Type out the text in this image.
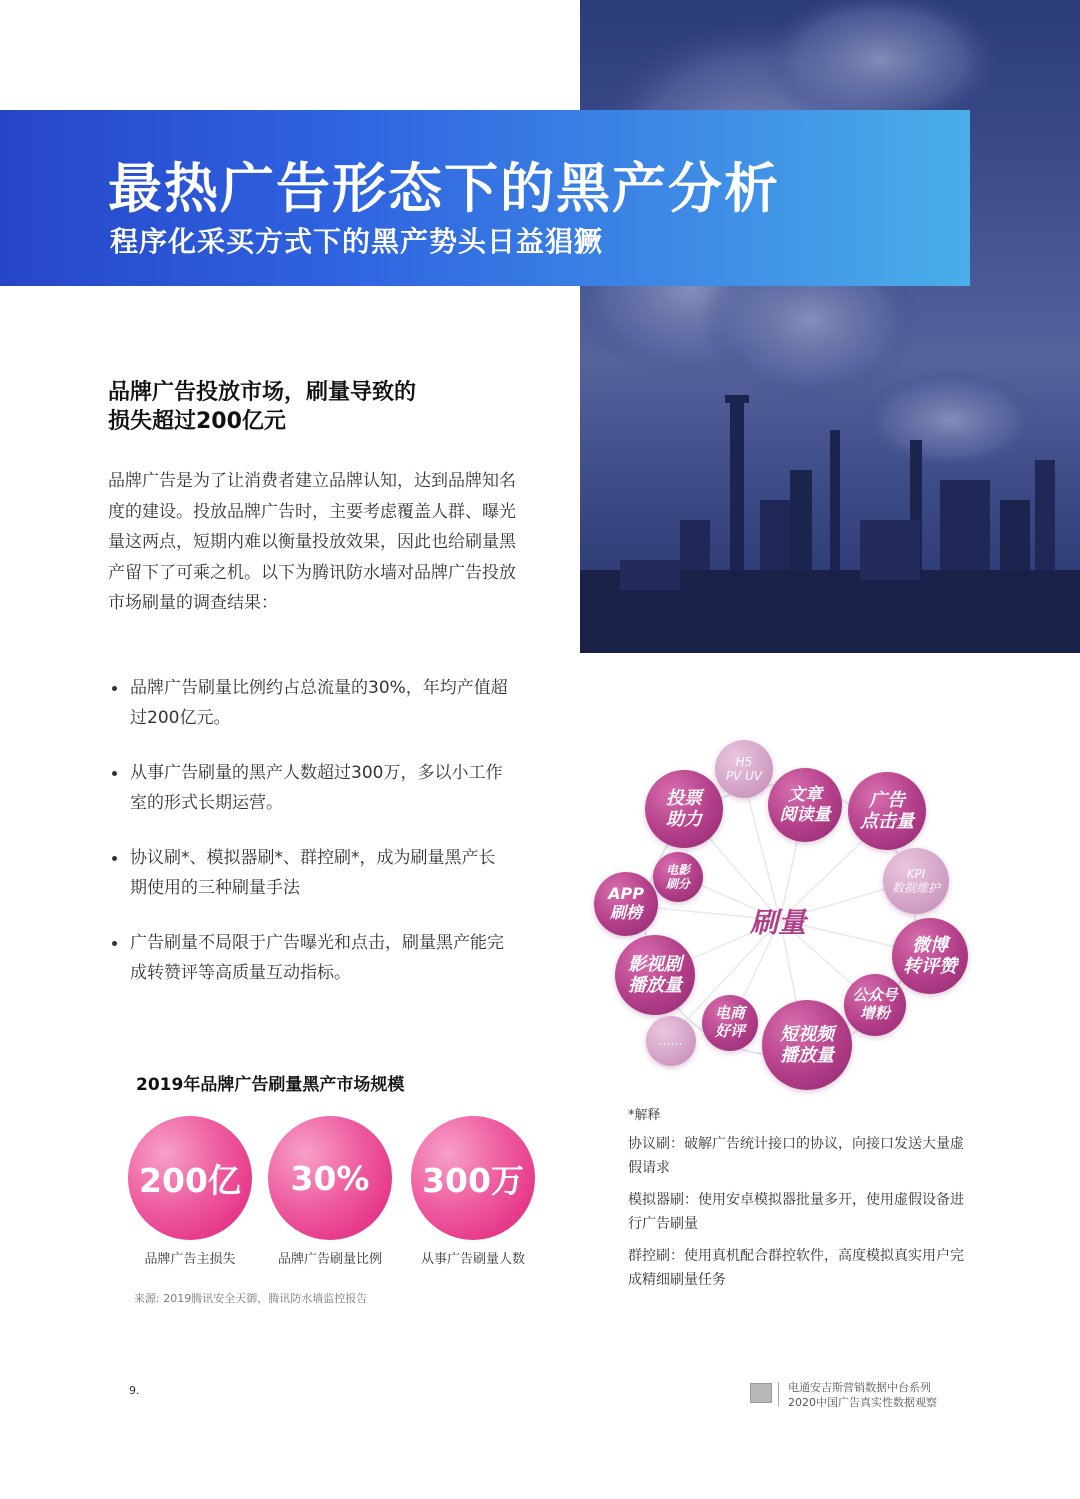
最热广告形态下的黑产分析
程序化采买方式下的黑产势头日益猖獗
品牌广告投放市场，刷量导致的
损失超过200亿元

品牌广告是为了让消费者建立品牌认知，达到品牌知名度的建设。投放品牌广告时，主要考虑覆盖人群、曝光量这两点，短期内难以衡量投放效果，因此也给刷量黑产留下了可乘之机。以下为腾讯防水墙对品牌广告投放市场刷量的调查结果：

品牌广告刷量比例约占总流量的30%，年均产值超过200亿元。
从事广告刷量的黑产人数超过300万，多以小工作室的形式长期运营。
协议刷*、模拟器刷*、群控刷*，成为刷量黑产长期使用的三种刷量手法
广告刷量不局限于广告曝光和点击，刷量黑产能完成转赞评等高质量互动指标。
2019年品牌广告刷量黑产市场规模
200亿
品牌广告主损失
30%
品牌广告刷量比例
300万
从事广告刷量人数
来源: 2019腾讯安全天御，腾讯防水墙监控报告
H5
PV UV
投票
助力
文章
阅读量
广告
点击量
电影
刷分
KPI
数据维护
APP
刷榜
微博
转评赞
影视剧
播放量	公众号
增粉
电商
好评 短视频
播放量
……
刷量

*解释

协议刷：破解广告统计接口的协议，向接口发送大量虚假请求

模拟器刷：使用安卓模拟器批量多开，使用虚假设备进行广告刷量

群控刷：使用真机配合群控软件，高度模拟真实用户完成精细刷量任务

9.	电通安吉斯营销数据中台系列
2020中国广告真实性数据观察
